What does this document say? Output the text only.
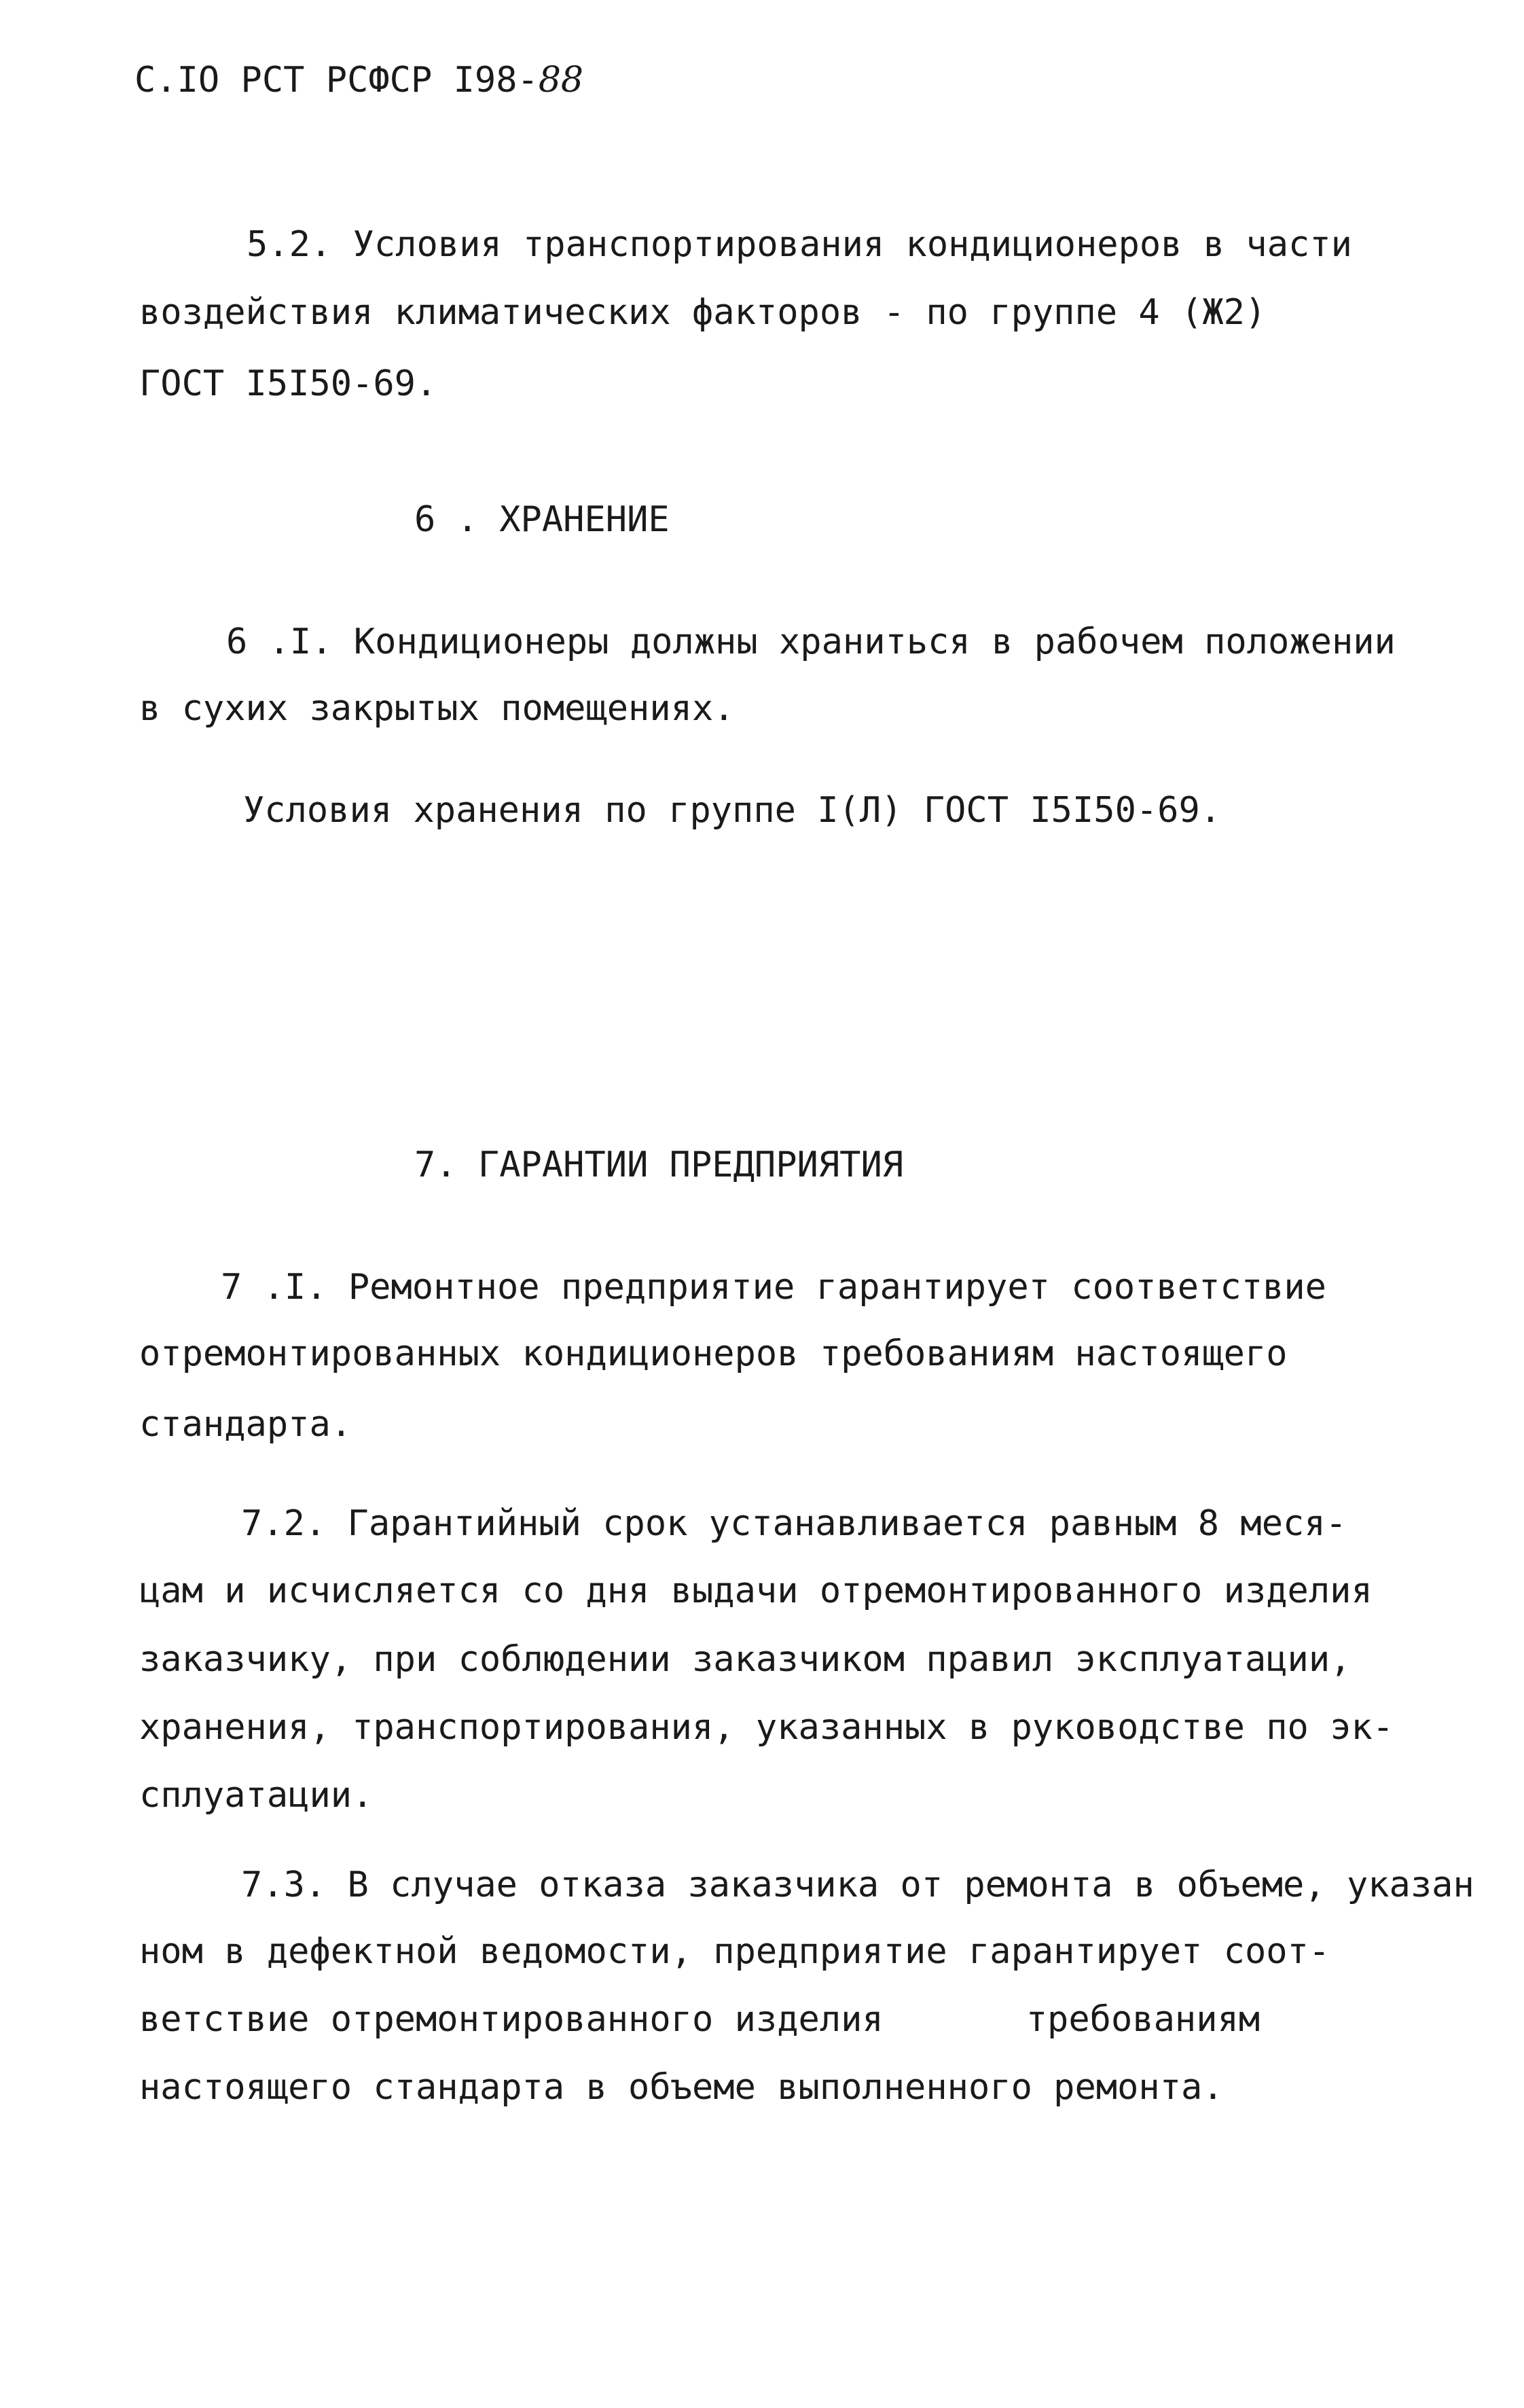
С.IО РСТ РСФСР I98-88
5.2. Условия транспортирования кондиционеров в части
воздействия климатических факторов - по группе 4 (Ж2)
ГОСТ I5I50-69.
6 . ХРАНЕНИЕ
6 .I. Кондиционеры должны храниться в рабочем положении
в сухих закрытых помещениях.
Условия хранения по группе I(Л) ГОСТ I5I50-69.
7. ГАРАНТИИ ПРЕДПРИЯТИЯ
7 .I. Ремонтное предприятие гарантирует соответствие
отремонтированных кондиционеров требованиям настоящего
стандарта.
7.2. Гарантийный срок устанавливается равным 8 меся-
цам и исчисляется со дня выдачи отремонтированного изделия
заказчику, при соблюдении заказчиком правил эксплуатации,
хранения, транспортирования, указанных в руководстве по эк-
сплуатации.
7.3. В случае отказа заказчика от ремонта в объеме, указан
ном в дефектной ведомости, предприятие гарантирует соот-
ветствие отремонтированного изделия	требованиям
настоящего стандарта в объеме выполненного ремонта.
